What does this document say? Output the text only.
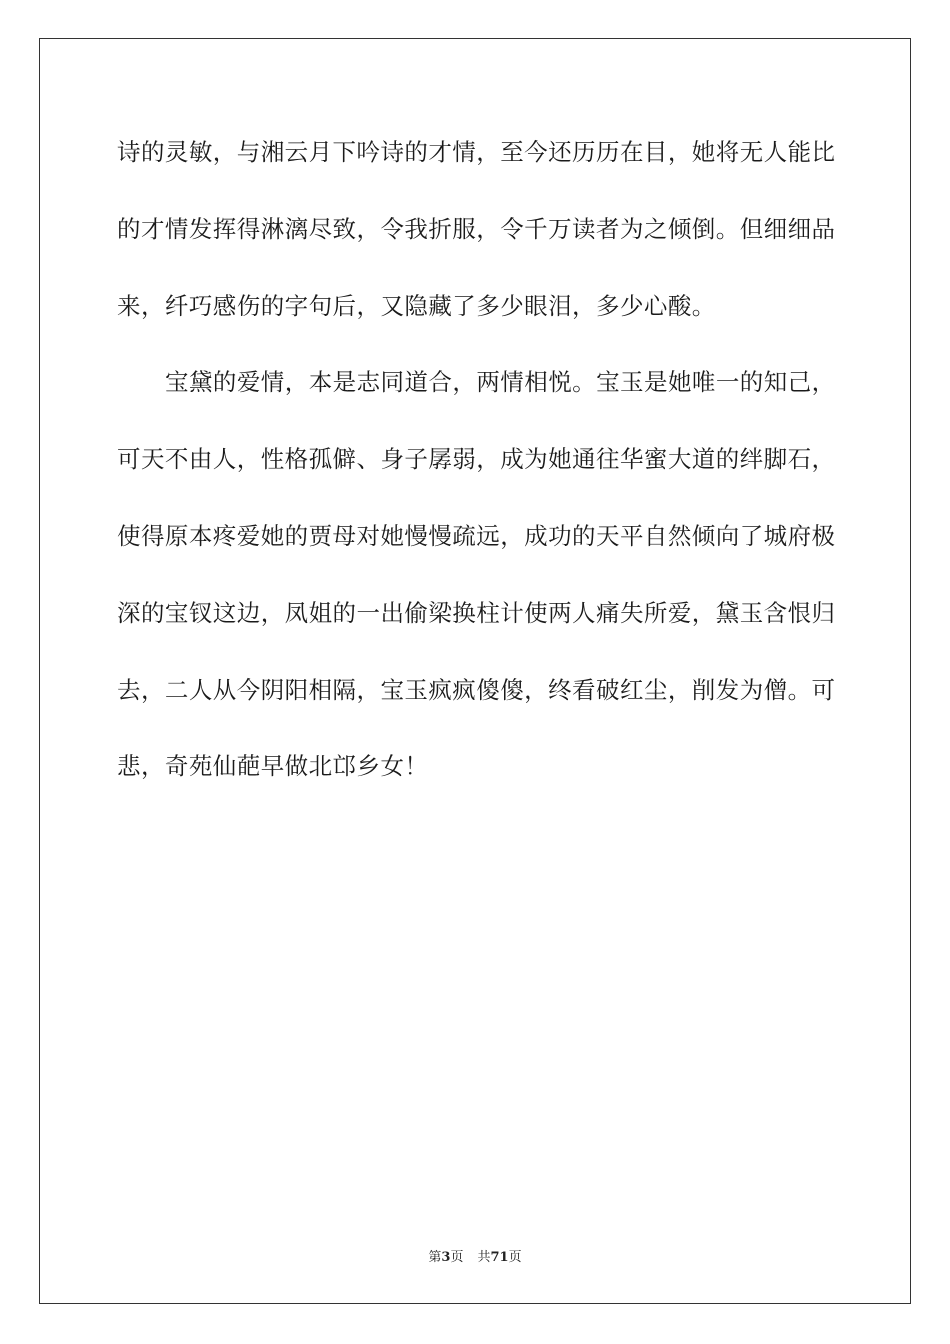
诗的灵敏，与湘云月下吟诗的才情，至今还历历在目，她将无人能比
的才情发挥得淋漓尽致，令我折服，令千万读者为之倾倒。但细细品
来，纤巧感伤的字句后，又隐藏了多少眼泪，多少心酸。
宝黛的爱情，本是志同道合，两情相悦。宝玉是她唯一的知己，
可天不由人，性格孤僻、身子孱弱，成为她通往华蜜大道的绊脚石，
使得原本疼爱她的贾母对她慢慢疏远，成功的天平自然倾向了城府极
深的宝钗这边，凤姐的一出偷梁换柱计使两人痛失所爱，黛玉含恨归
去，二人从今阴阳相隔，宝玉疯疯傻傻，终看破红尘，削发为僧。可
悲，奇苑仙葩早做北邙乡女！
第3页 共71页
